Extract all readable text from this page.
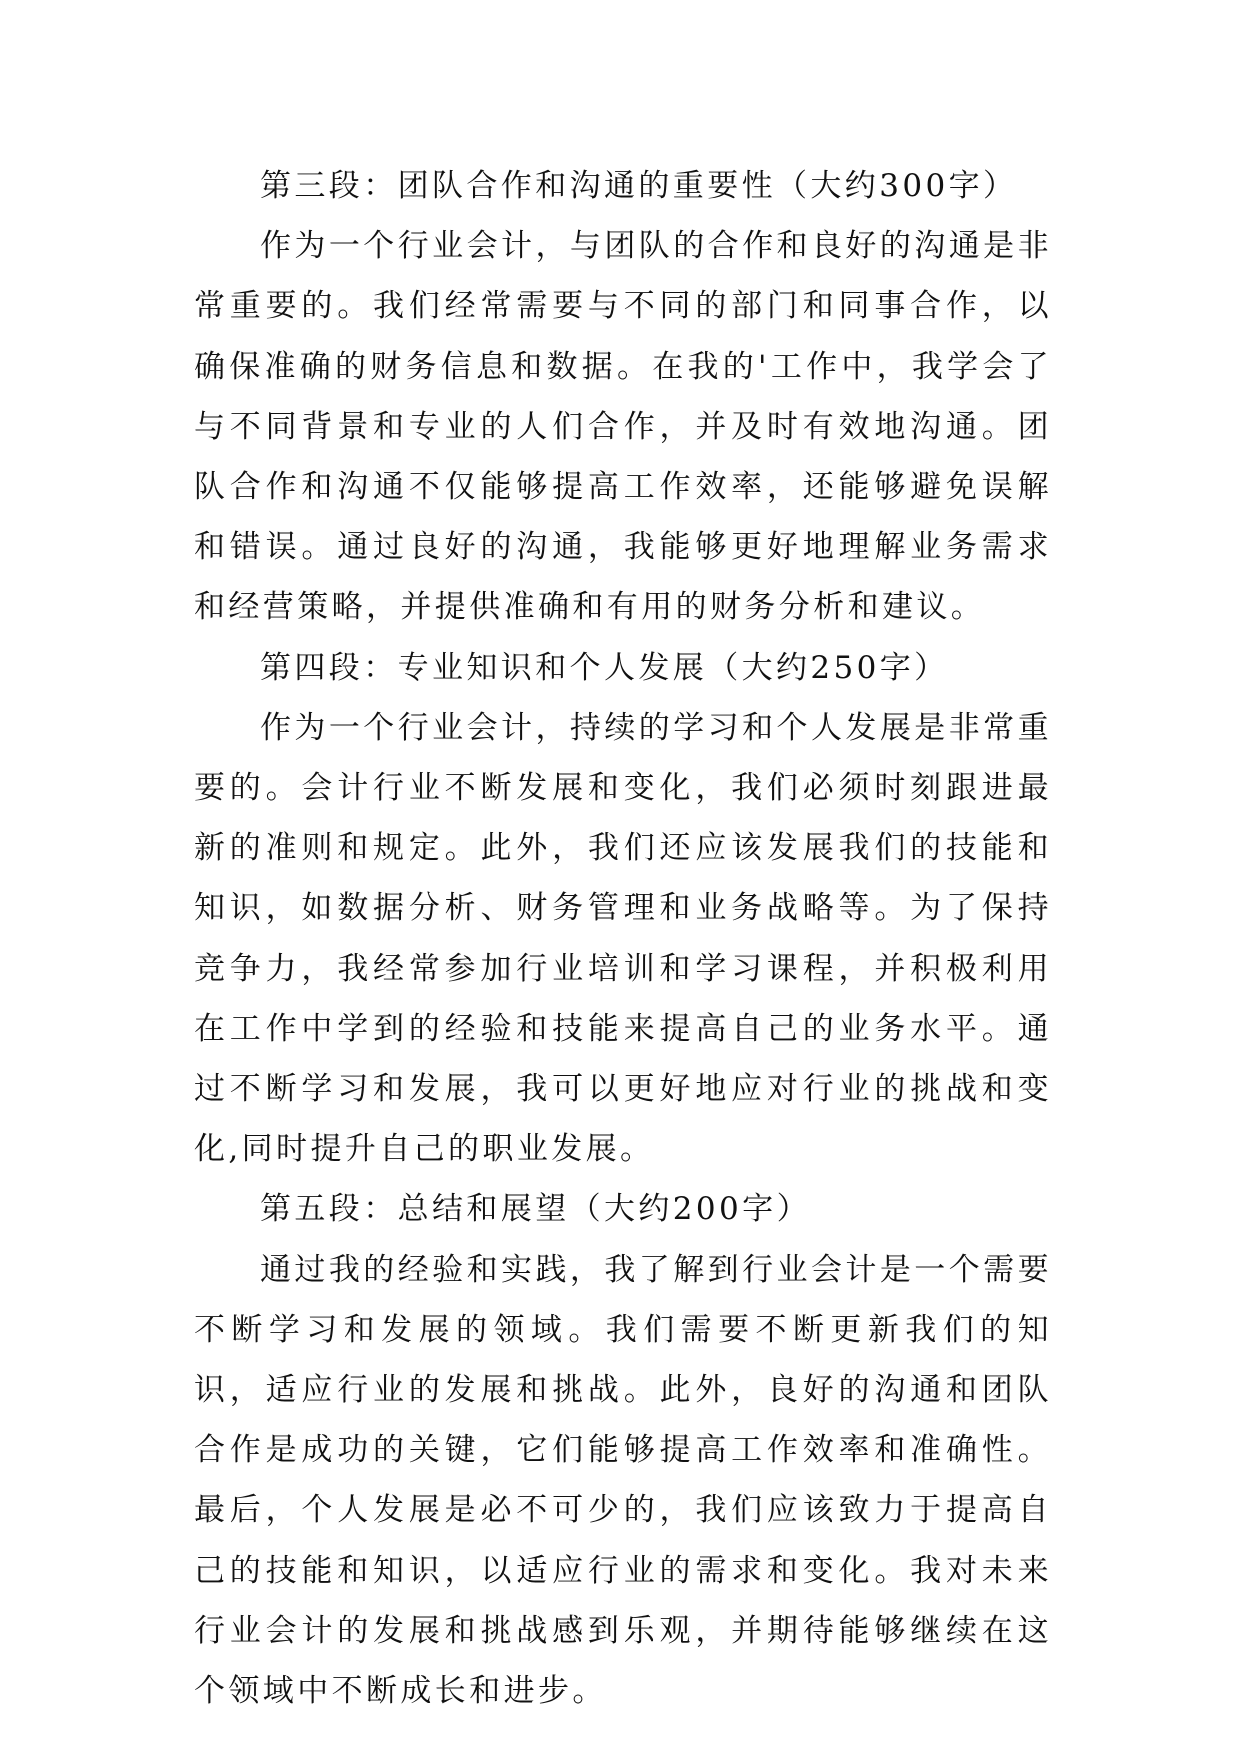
第三段：团队合作和沟通的重要性（大约300字）

作为一个行业会计，与团队的合作和良好的沟通是非常重要的。我们经常需要与不同的部门和同事合作，以确保准确的财务信息和数据。在我的'工作中，我学会了与不同背景和专业的人们合作，并及时有效地沟通。团队合作和沟通不仅能够提高工作效率，还能够避免误解和错误。通过良好的沟通，我能够更好地理解业务需求和经营策略，并提供准确和有用的财务分析和建议。

第四段：专业知识和个人发展（大约250字）

作为一个行业会计，持续的学习和个人发展是非常重要的。会计行业不断发展和变化，我们必须时刻跟进最新的准则和规定。此外，我们还应该发展我们的技能和知识，如数据分析、财务管理和业务战略等。为了保持竞争力，我经常参加行业培训和学习课程，并积极利用在工作中学到的经验和技能来提高自己的业务水平。通过不断学习和发展，我可以更好地应对行业的挑战和变化,同时提升自己的职业发展。

第五段：总结和展望（大约200字）

通过我的经验和实践，我了解到行业会计是一个需要不断学习和发展的领域。我们需要不断更新我们的知识，适应行业的发展和挑战。此外，良好的沟通和团队合作是成功的关键，它们能够提高工作效率和准确性。最后，个人发展是必不可少的，我们应该致力于提高自己的技能和知识，以适应行业的需求和变化。我对未来行业会计的发展和挑战感到乐观，并期待能够继续在这个领域中不断成长和进步。
